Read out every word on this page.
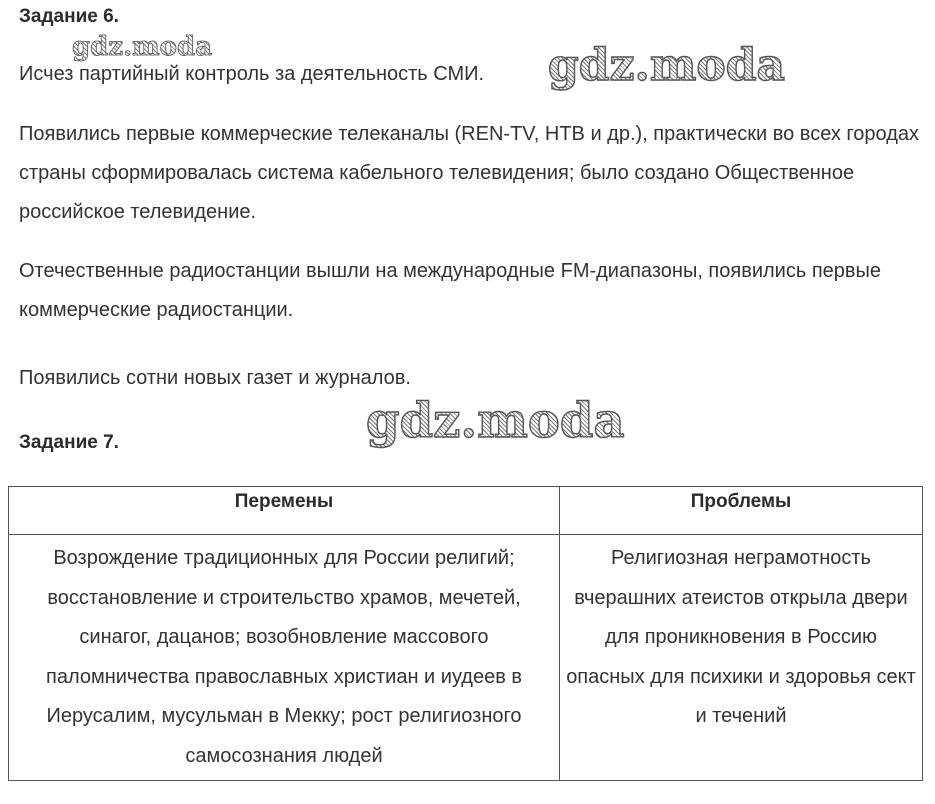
Задание 6.

Исчез партийный контроль за деятельность СМИ.

Появились первые коммерческие телеканалы (REN-TV, НТВ и др.), практически во всех городах страны сформировалась система кабельного телевидения; было создано Общественное российское телевидение.

Отечественные радиостанции вышли на международные FM-диапазоны, появились первые коммерческие радиостанции.

Появились сотни новых газет и журналов.

Задание 7.
Перемены	Проблемы
Возрождение традиционных для России религий; восстановление и строительство храмов, мечетей, синагог, дацанов; возобновление массового паломничества православных христиан и иудеев в Иерусалим, мусульман в Мекку; рост религиозного самосознания людей	Религиозная неграмотность вчерашних атеистов открыла двери для проникновения в Россию опасных для психики и здоровья сект и течений
gdz.moda	gdz.moda
gdz.moda
